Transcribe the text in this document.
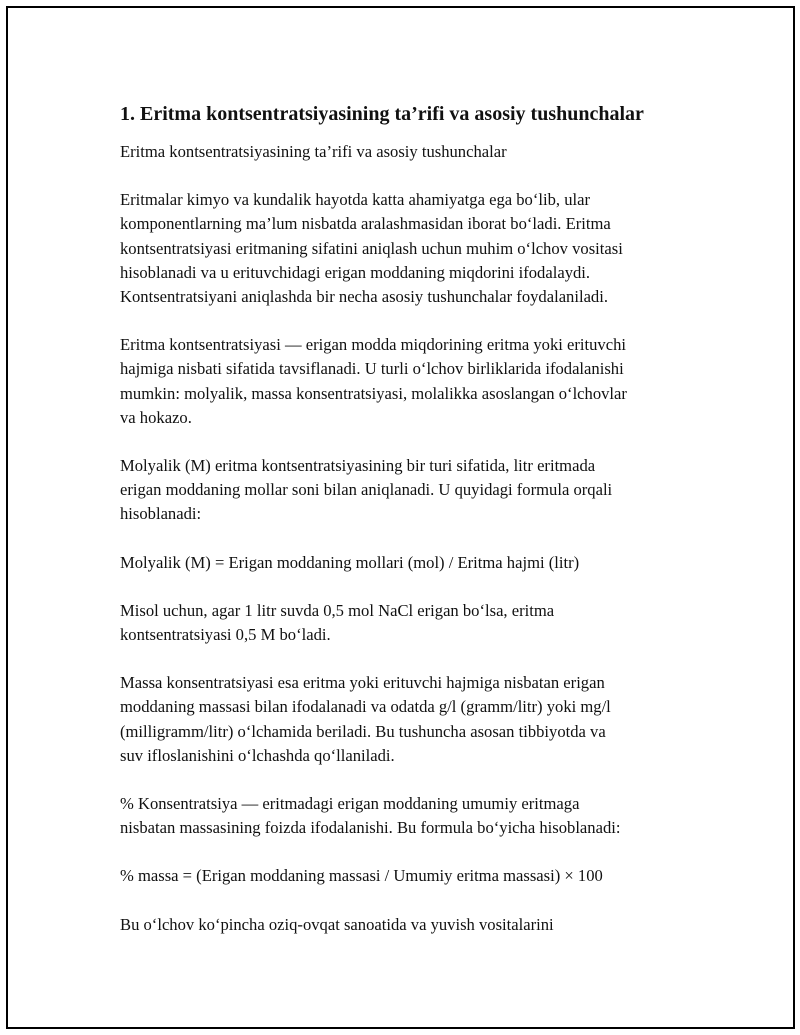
1. Eritma kontsentratsiyasining ta’rifi va asosiy tushunchalar

Eritma kontsentratsiyasining ta’rifi va asosiy tushunchalar

Eritmalar kimyo va kundalik hayotda katta ahamiyatga ega bo‘lib, ular
komponentlarning ma’lum nisbatda aralashmasidan iborat bo‘ladi. Eritma
kontsentratsiyasi eritmaning sifatini aniqlash uchun muhim o‘lchov vositasi
hisoblanadi va u erituvchidagi erigan moddaning miqdorini ifodalaydi.
Kontsentratsiyani aniqlashda bir necha asosiy tushunchalar foydalaniladi.

Eritma kontsentratsiyasi — erigan modda miqdorining eritma yoki erituvchi
hajmiga nisbati sifatida tavsiflanadi. U turli o‘lchov birliklarida ifodalanishi
mumkin: molyalik, massa konsentratsiyasi, molalikka asoslangan o‘lchovlar
va hokazo.

Molyalik (M) eritma kontsentratsiyasining bir turi sifatida, litr eritmada
erigan moddaning mollar soni bilan aniqlanadi. U quyidagi formula orqali
hisoblanadi:

Molyalik (M) = Erigan moddaning mollari (mol) / Eritma hajmi (litr)

Misol uchun, agar 1 litr suvda 0,5 mol NaCl erigan bo‘lsa, eritma
kontsentratsiyasi 0,5 M bo‘ladi.

Massa konsentratsiyasi esa eritma yoki erituvchi hajmiga nisbatan erigan
moddaning massasi bilan ifodalanadi va odatda g/l (gramm/litr) yoki mg/l
(milligramm/litr) o‘lchamida beriladi. Bu tushuncha asosan tibbiyotda va
suv ifloslanishini o‘lchashda qo‘llaniladi.

% Konsentratsiya — eritmadagi erigan moddaning umumiy eritmaga
nisbatan massasining foizda ifodalanishi. Bu formula bo‘yicha hisoblanadi:

% massa = (Erigan moddaning massasi / Umumiy eritma massasi) × 100

Bu o‘lchov ko‘pincha oziq-ovqat sanoatida va yuvish vositalarini
